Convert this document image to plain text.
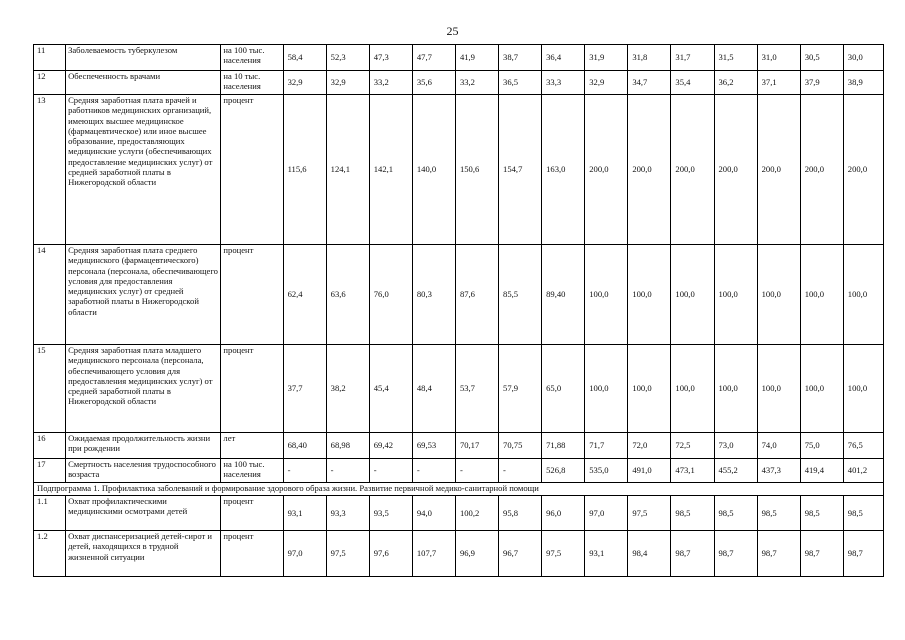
25
11	Заболеваемость туберкулезом	на 100 тыс. населения	58,4	52,3	47,3	47,7	41,9	38,7	36,4	31,9	31,8	31,7	31,5	31,0	30,5	30,0
12	Обеспеченность врачами	на 10 тыс. населения	32,9	32,9	33,2	35,6	33,2	36,5	33,3	32,9	34,7	35,4	36,2	37,1	37,9	38,9
13	Средняя заработная плата врачей и работников медицинских организаций, имеющих высшее медицинское (фармацевтическое) или иное высшее образование, предоставляющих медицинские услуги (обеспечивающих предоставление медицинских услуг) от средней заработной платы в Нижегородской области	процент	115,6	124,1	142,1	140,0	150,6	154,7	163,0	200,0	200,0	200,0	200,0	200,0	200,0	200,0
14	Средняя заработная плата среднего медицинского (фармацевтического) персонала (персонала, обеспечивающего условия для предоставления медицинских услуг) от средней заработной платы в Нижегородской области	процент	62,4	63,6	76,0	80,3	87,6	85,5	89,40	100,0	100,0	100,0	100,0	100,0	100,0	100,0
15	Средняя заработная плата младшего медицинского персонала (персонала, обеспечивающего условия для предоставления медицинских услуг) от средней заработной платы в Нижегородской области	процент	37,7	38,2	45,4	48,4	53,7	57,9	65,0	100,0	100,0	100,0	100,0	100,0	100,0	100,0
16	Ожидаемая продолжительность жизни при рождении	лет	68,40	68,98	69,42	69,53	70,17	70,75	71,88	71,7	72,0	72,5	73,0	74,0	75,0	76,5
17	Смертность населения трудоспособного возраста	на 100 тыс. населения	-	-	-	-	-	-	526,8	535,0	491,0	473,1	455,2	437,3	419,4	401,2
Подпрограмма 1. Профилактика заболеваний и формирование здорового образа жизни. Развитие первичной медико-санитарной помощи																
1.1	Охват профилактическими медицинскими осмотрами детей	процент	93,1	93,3	93,5	94,0	100,2	95,8	96,0	97,0	97,5	98,5	98,5	98,5	98,5	98,5
1.2	Охват диспансеризацией детей-сирот и детей, находящихся в трудной жизненной ситуации	процент	97,0	97,5	97,6	107,7	96,9	96,7	97,5	93,1	98,4	98,7	98,7	98,7	98,7	98,7
